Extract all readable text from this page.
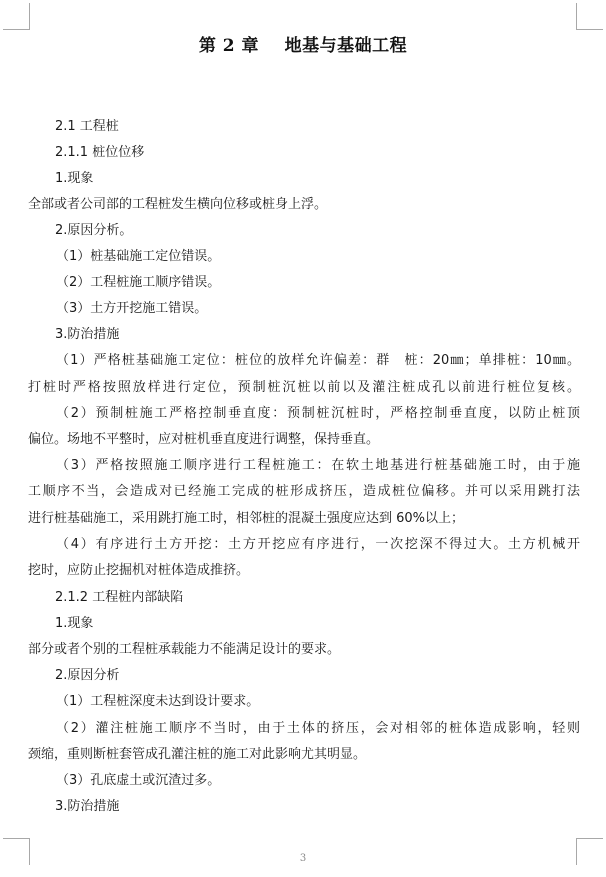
第 2 章    地基与基础工程
2.1 工程桩
2.1.1 桩位位移
1.现象
全部或者公司部的工程桩发生横向位移或桩身上浮。
2.原因分析。
（1）桩基础施工定位错误。
（2）工程桩施工顺序错误。
（3）土方开挖施工错误。
3.防治措施
（1）严格桩基础施工定位：桩位的放样允许偏差：群　桩：20㎜；单排桩：10㎜。
打桩时严格按照放样进行定位，预制桩沉桩以前以及灌注桩成孔以前进行桩位复核。
（2）预制桩施工严格控制垂直度：预制桩沉桩时，严格控制垂直度，以防止桩顶
偏位。场地不平整时，应对桩机垂直度进行调整，保持垂直。
（3）严格按照施工顺序进行工程桩施工：在软土地基进行桩基础施工时，由于施
工顺序不当，会造成对已经施工完成的桩形成挤压，造成桩位偏移。并可以采用跳打法
进行桩基础施工，采用跳打施工时，相邻桩的混凝土强度应达到 60%以上；
（4）有序进行土方开挖：土方开挖应有序进行，一次挖深不得过大。土方机械开
挖时，应防止挖掘机对桩体造成推挤。
2.1.2 工程桩内部缺陷
1.现象
部分或者个别的工程桩承载能力不能满足设计的要求。
2.原因分析
（1）工程桩深度未达到设计要求。
（2）灌注桩施工顺序不当时，由于土体的挤压，会对相邻的桩体造成影响，轻则
颈缩，重则断桩套管成孔灌注桩的施工对此影响尤其明显。
（3）孔底虚土或沉渣过多。
3.防治措施
3
